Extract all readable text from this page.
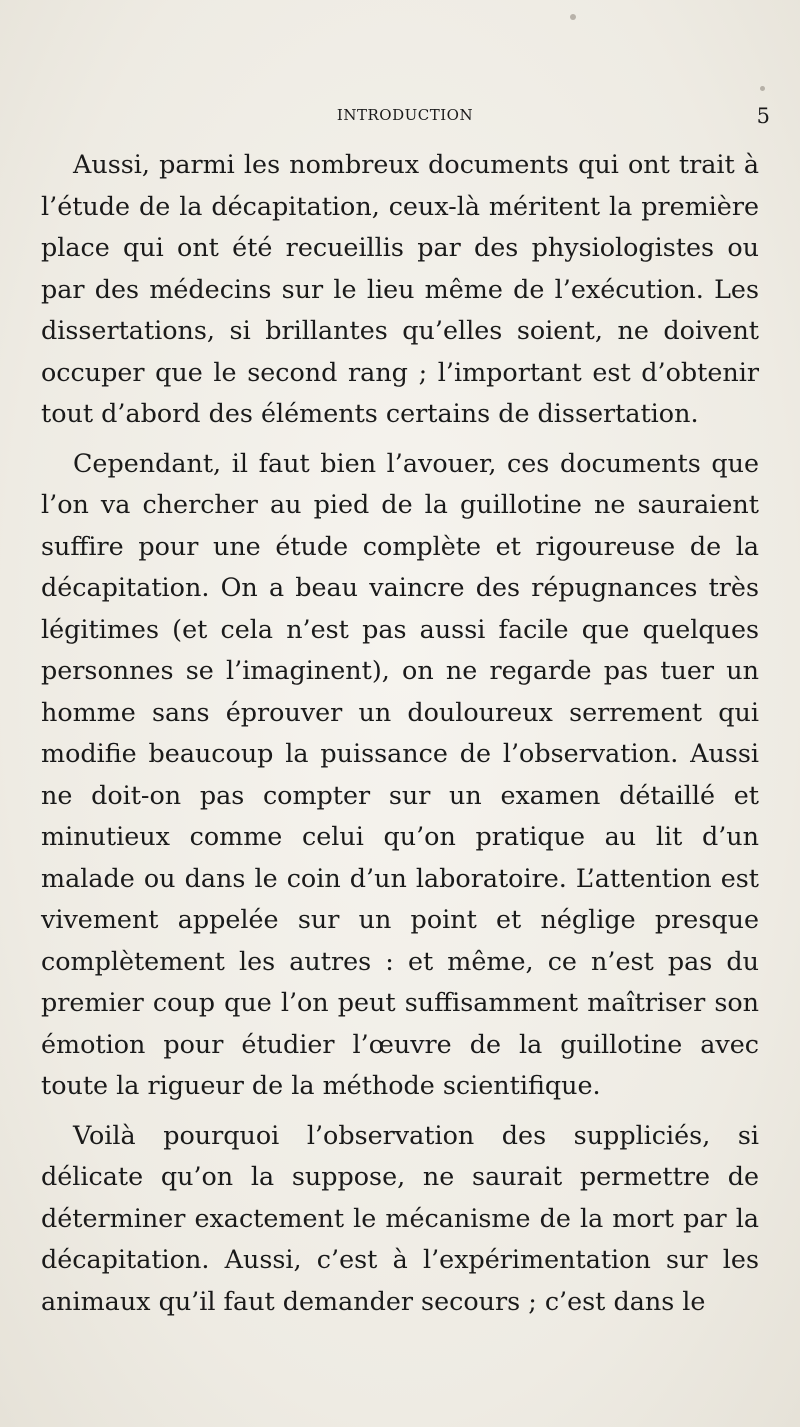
INTRODUCTION	5

Aussi, parmi les nombreux documents qui ont trait à l’étude de la décapitation, ceux-là méritent la première place qui ont été recueillis par des physiologistes ou par des médecins sur le lieu même de l’exécution. Les dissertations, si brillantes qu’elles soient, ne doivent occuper que le second rang ; l’important est d’obtenir tout d’abord des éléments certains de dissertation.

Cependant, il faut bien l’avouer, ces documents que l’on va chercher au pied de la guillotine ne sauraient suffire pour une étude complète et rigoureuse de la décapitation. On a beau vaincre des répugnances très légitimes (et cela n’est pas aussi facile que quelques personnes se l’imaginent), on ne regarde pas tuer un homme sans éprouver un douloureux serrement qui modifie beaucoup la puissance de l’observation. Aussi ne doit-on pas compter sur un examen détaillé et minutieux comme celui qu’on pratique au lit d’un malade ou dans le coin d’un laboratoire. L’attention est vivement appelée sur un point et néglige presque complètement les autres : et même, ce n’est pas du premier coup que l’on peut suffisamment maîtriser son émotion pour étudier l’œuvre de la guillotine avec toute la rigueur de la méthode scientifique.

Voilà pourquoi l’observation des suppliciés, si délicate qu’on la suppose, ne saurait permettre de déterminer exactement le mécanisme de la mort par la décapitation. Aussi, c’est à l’expérimentation sur les animaux qu’il faut demander secours ; c’est dans le
